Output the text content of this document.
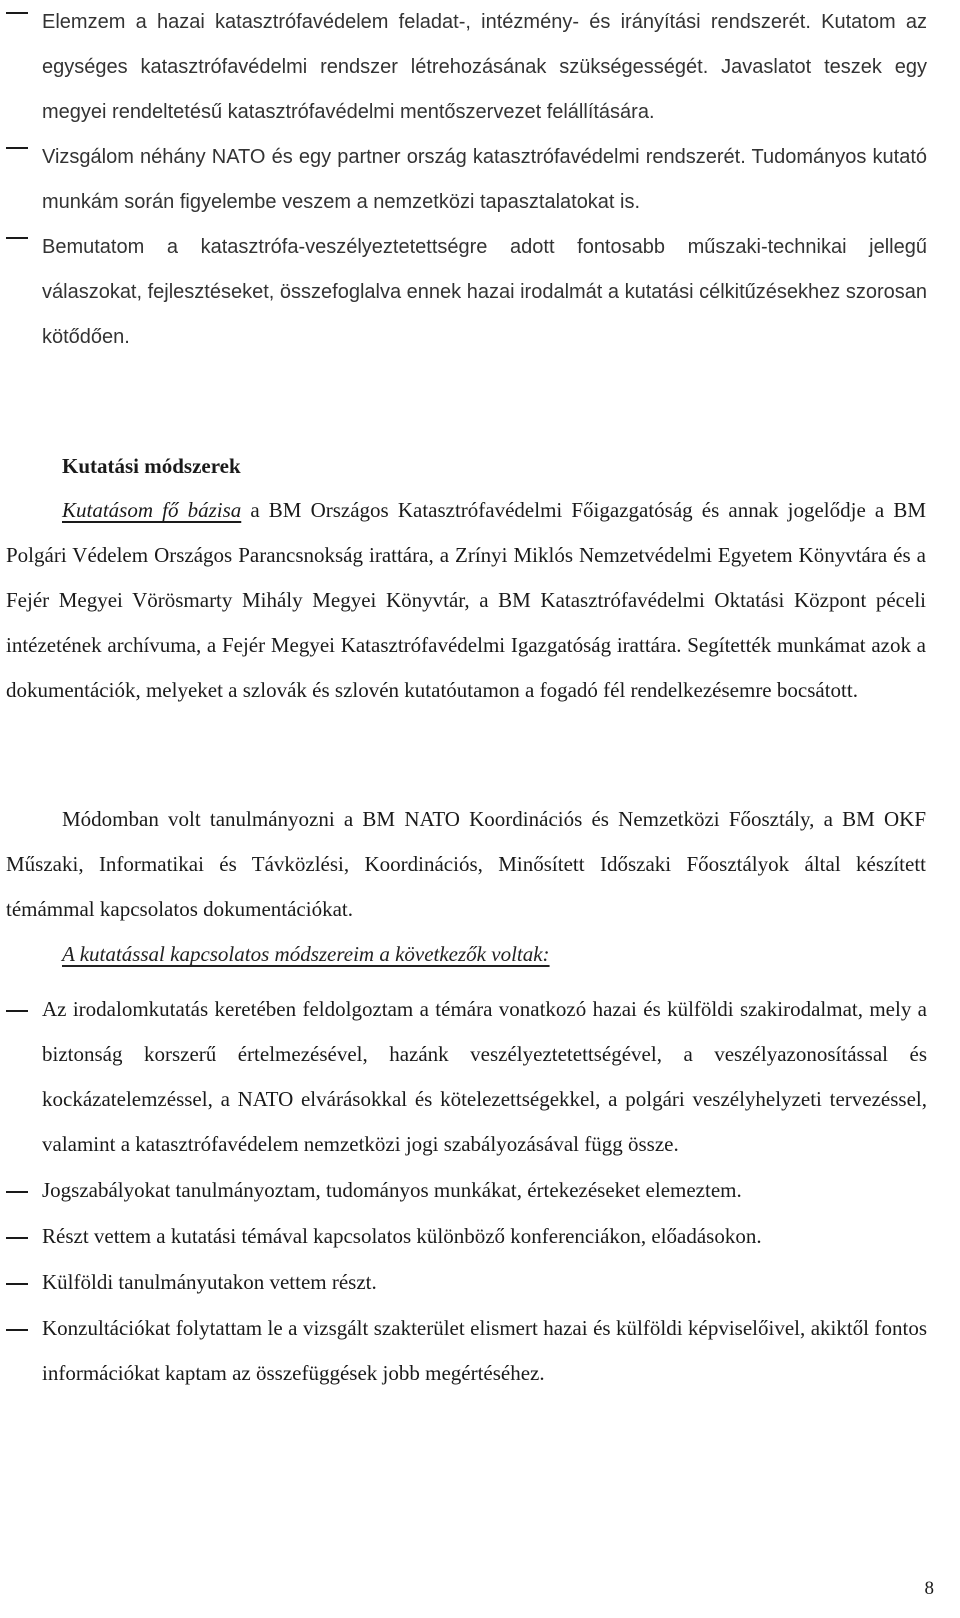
Elemzem a hazai katasztrófavédelem feladat-, intézmény- és irányítási rendszerét. Kutatom az egységes katasztrófavédelmi rendszer létrehozásának szükségességét. Javaslatot teszek egy megyei rendeltetésű katasztrófavédelmi mentőszervezet felállítására.
Vizsgálom néhány NATO és egy partner ország katasztrófavédelmi rendszerét. Tudományos kutató munkám során figyelembe veszem a nemzetközi tapasztalatokat is.
Bemutatom a katasztrófa-veszélyeztetettségre adott fontosabb műszaki-technikai jellegű válaszokat, fejlesztéseket, összefoglalva ennek hazai irodalmát a kutatási célkitűzésekhez szorosan kötődően.
Kutatási módszerek

Kutatásom fő bázisa a BM Országos Katasztrófavédelmi Főigazgatóság és annak jogelődje a BM Polgári Védelem Országos Parancsnokság irattára, a Zrínyi Miklós Nemzetvédelmi Egyetem Könyvtára és a Fejér Megyei Vörösmarty Mihály Megyei Könyvtár, a BM Katasztrófavédelmi Oktatási Központ péceli intézetének archívuma, a Fejér Megyei Katasztrófavédelmi Igazgatóság irattára. Segítették munkámat azok a dokumentációk, melyeket a szlovák és szlovén kutatóutamon a fogadó fél rendelkezésemre bocsátott.

Módomban volt tanulmányozni a BM NATO Koordinációs és Nemzetközi Főosztály, a BM OKF Műszaki, Informatikai és Távközlési, Koordinációs, Minősített Időszaki Főosztályok által készített témámmal kapcsolatos dokumentációkat.

A kutatással kapcsolatos módszereim a következők voltak:

Az irodalomkutatás keretében feldolgoztam a témára vonatkozó hazai és külföldi szakirodalmat, mely a biztonság korszerű értelmezésével, hazánk veszélyeztetettségével, a veszélyazonosítással és kockázatelemzéssel, a NATO elvárásokkal és kötelezettségekkel, a polgári veszélyhelyzeti tervezéssel, valamint a katasztrófavédelem nemzetközi jogi szabályozásával függ össze.
Jogszabályokat tanulmányoztam, tudományos munkákat, értekezéseket elemeztem.
Részt vettem a kutatási témával kapcsolatos különböző konferenciákon, előadásokon.
Külföldi tanulmányutakon vettem részt.
Konzultációkat folytattam le a vizsgált szakterület elismert hazai és külföldi képviselőivel, akiktől fontos információkat kaptam az összefüggések jobb megértéséhez.
8
